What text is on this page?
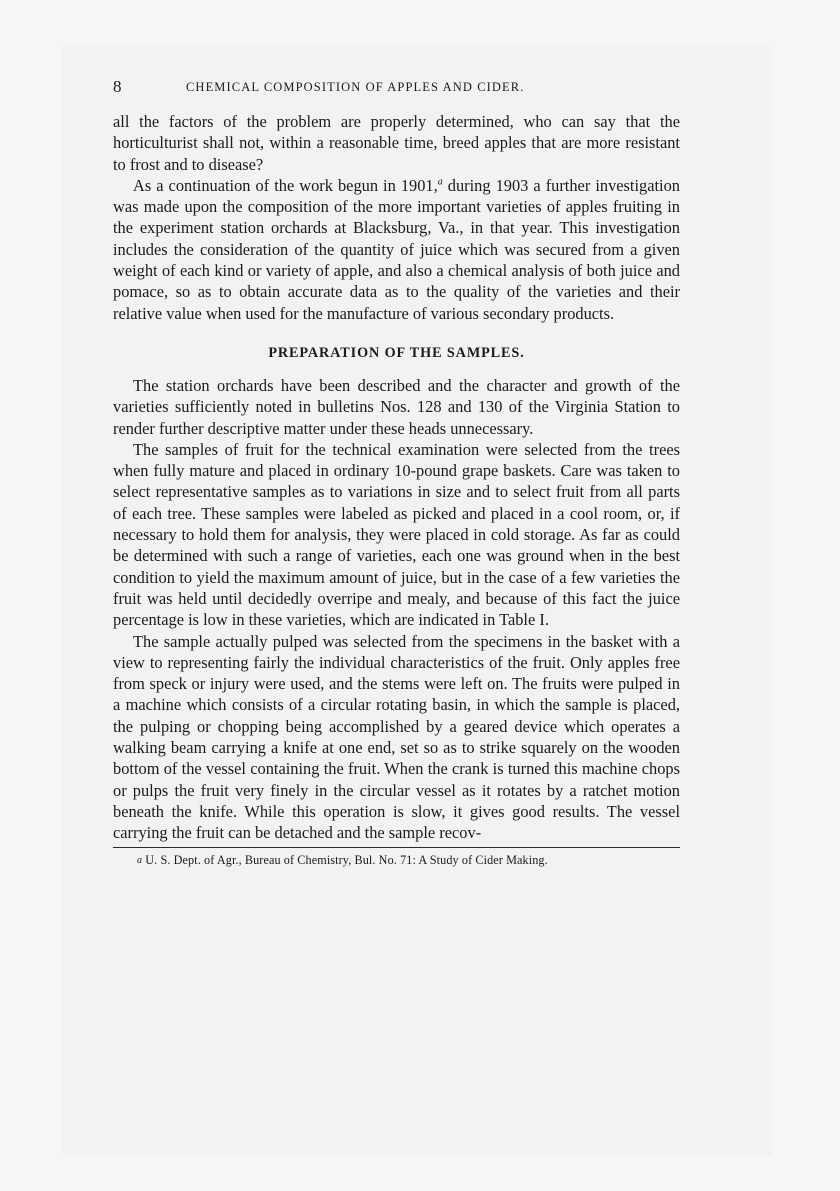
8	CHEMICAL COMPOSITION OF APPLES AND CIDER.

all the factors of the problem are properly determined, who can say that the horticulturist shall not, within a reasonable time, breed apples that are more resistant to frost and to disease?

As a continuation of the work begun in 1901,$^a$ during 1903 a further investigation was made upon the composition of the more important varieties of apples fruiting in the experiment station orchards at Blacksburg, Va., in that year. This investigation includes the consideration of the quantity of juice which was secured from a given weight of each kind or variety of apple, and also a chemical analysis of both juice and pomace, so as to obtain accurate data as to the quality of the varieties and their relative value when used for the manufacture of various secondary products.

PREPARATION OF THE SAMPLES.

The station orchards have been described and the character and growth of the varieties sufficiently noted in bulletins Nos. 128 and 130 of the Virginia Station to render further descriptive matter under these heads unnecessary.

The samples of fruit for the technical examination were selected from the trees when fully mature and placed in ordinary 10-pound grape baskets. Care was taken to select representative samples as to variations in size and to select fruit from all parts of each tree. These samples were labeled as picked and placed in a cool room, or, if necessary to hold them for analysis, they were placed in cold storage. As far as could be determined with such a range of varieties, each one was ground when in the best condition to yield the maximum amount of juice, but in the case of a few varieties the fruit was held until decidedly overripe and mealy, and because of this fact the juice percentage is low in these varieties, which are indicated in Table I.

The sample actually pulped was selected from the specimens in the basket with a view to representing fairly the individual characteristics of the fruit. Only apples free from speck or injury were used, and the stems were left on. The fruits were pulped in a machine which consists of a circular rotating basin, in which the sample is placed, the pulping or chopping being accomplished by a geared device which operates a walking beam carrying a knife at one end, set so as to strike squarely on the wooden bottom of the vessel containing the fruit. When the crank is turned this machine chops or pulps the fruit very finely in the circular vessel as it rotates by a ratchet motion beneath the knife. While this operation is slow, it gives good results. The vessel carrying the fruit can be detached and the sample recov-

a U. S. Dept. of Agr., Bureau of Chemistry, Bul. No. 71: A Study of Cider Making.
